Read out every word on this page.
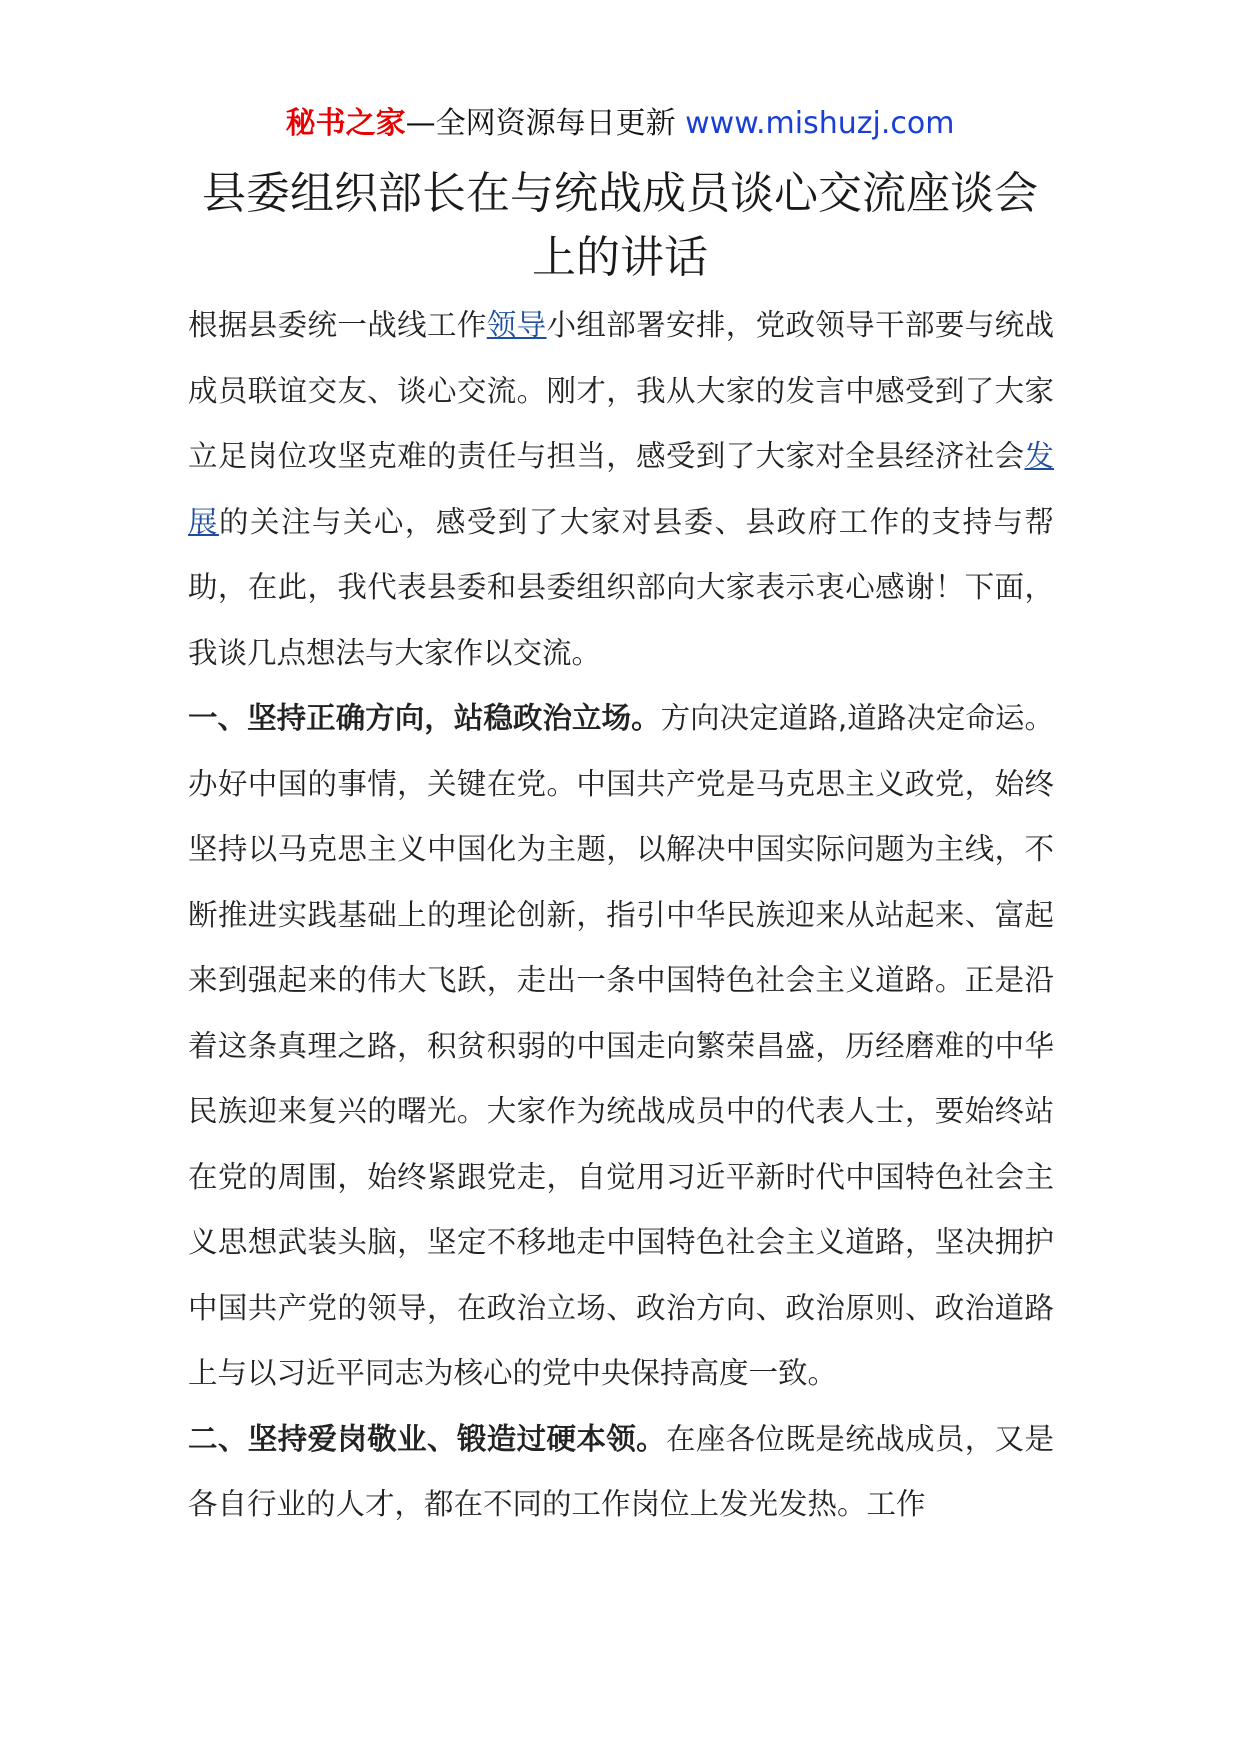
秘书之家—全网资源每日更新 www.mishuzj.com
县委组织部长在与统战成员谈心交流座谈会上的讲话

根据县委统一战线工作领导小组部署安排，党政领导干部要与统战成员联谊交友、谈心交流。刚才，我从大家的发言中感受到了大家立足岗位攻坚克难的责任与担当，感受到了大家对全县经济社会发展的关注与关心，感受到了大家对县委、县政府工作的支持与帮助，在此，我代表县委和县委组织部向大家表示衷心感谢！下面，我谈几点想法与大家作以交流。

一、坚持正确方向，站稳政治立场。方向决定道路,道路决定命运。办好中国的事情，关键在党。中国共产党是马克思主义政党，始终坚持以马克思主义中国化为主题，以解决中国实际问题为主线，不断推进实践基础上的理论创新，指引中华民族迎来从站起来、富起来到强起来的伟大飞跃，走出一条中国特色社会主义道路。正是沿着这条真理之路，积贫积弱的中国走向繁荣昌盛，历经磨难的中华民族迎来复兴的曙光。大家作为统战成员中的代表人士，要始终站在党的周围，始终紧跟党走，自觉用习近平新时代中国特色社会主义思想武装头脑，坚定不移地走中国特色社会主义道路，坚决拥护中国共产党的领导，在政治立场、政治方向、政治原则、政治道路上与以习近平同志为核心的党中央保持高度一致。

二、坚持爱岗敬业、锻造过硬本领。在座各位既是统战成员，又是各自行业的人才，都在不同的工作岗位上发光发热。工作
